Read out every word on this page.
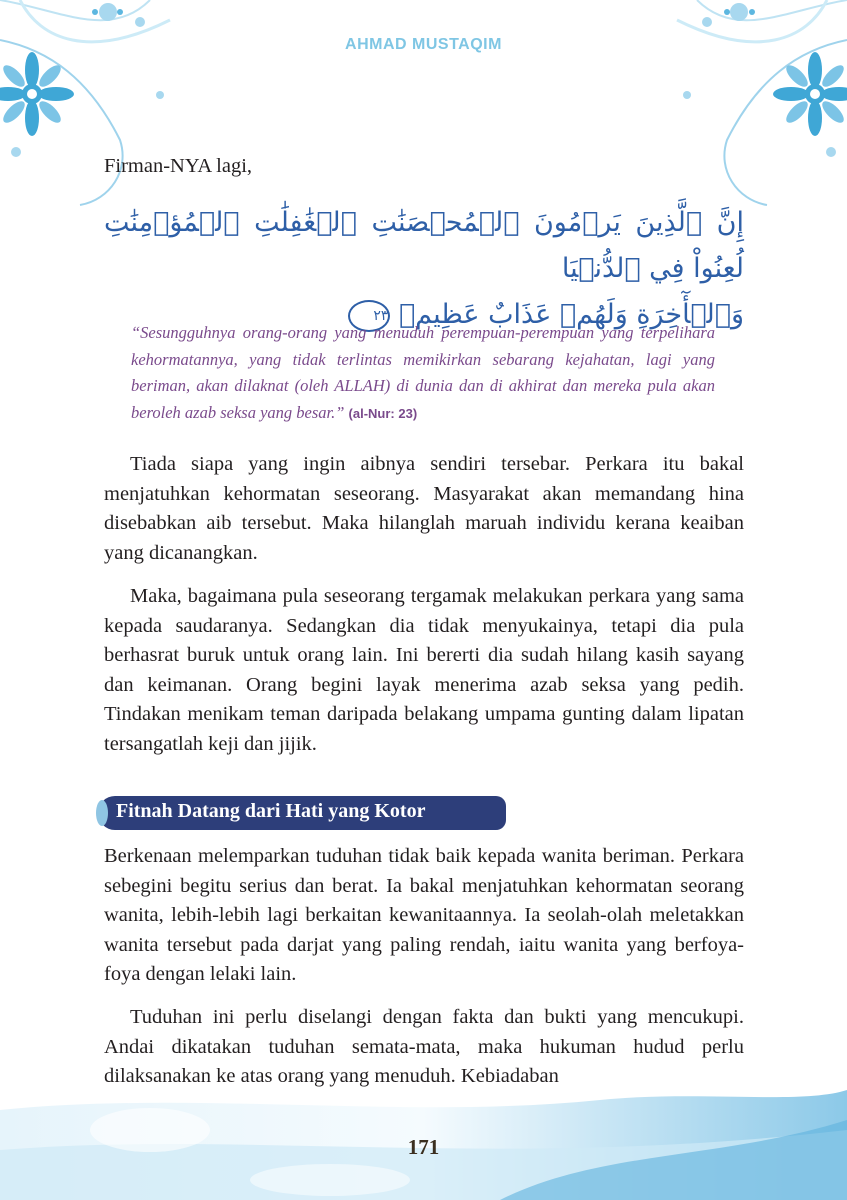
AHMAD MUSTAQIM
Firman-NYA lagi,
إِنَّ ٱلَّذِينَ يَرۡمُونَ ٱلۡمُحۡصَنَٰتِ ٱلۡغَٰفِلَٰتِ ٱلۡمُؤۡمِنَٰتِ لُعِنُواْ فِي ٱلدُّنۡيَا
وَٱلۡأٓخِرَةِ وَلَهُمۡ عَذَابٌ عَظِيمٞ ٢٣
“Sesungguhnya orang-orang yang menuduh perempuan-perempuan yang terpelihara kehormatannya, yang tidak terlintas memikirkan sebarang kejahatan, lagi yang beriman, akan dilaknat (oleh ALLAH) di dunia dan di akhirat dan mereka pula akan beroleh azab seksa yang besar.” (al-Nur: 23)

Tiada siapa yang ingin aibnya sendiri tersebar. Perkara itu bakal menjatuhkan kehormatan seseorang. Masyarakat akan memandang hina disebabkan aib tersebut. Maka hilanglah maruah individu kerana keaiban yang dicanangkan.

Maka, bagaimana pula seseorang tergamak melakukan perkara yang sama kepada saudaranya. Sedangkan dia tidak menyukainya, tetapi dia pula berhasrat buruk untuk orang lain. Ini bererti dia sudah hilang kasih sayang dan keimanan. Orang begini layak menerima azab seksa yang pedih. Tindakan menikam teman daripada belakang umpama gunting dalam lipatan tersangatlah keji dan jijik.

Fitnah Datang dari Hati yang Kotor

Berkenaan melemparkan tuduhan tidak baik kepada wanita beriman. Perkara sebegini begitu serius dan berat. Ia bakal menjatuhkan kehormatan seorang wanita, lebih-lebih lagi berkaitan kewanitaannya. Ia seolah-olah meletakkan wanita tersebut pada darjat yang paling rendah, iaitu wanita yang berfoya-foya dengan lelaki lain.

Tuduhan ini perlu diselangi dengan fakta dan bukti yang mencukupi. Andai dikatakan tuduhan semata-mata, maka hukuman hudud perlu dilaksanakan ke atas orang yang menuduh. Kebiadaban

171
